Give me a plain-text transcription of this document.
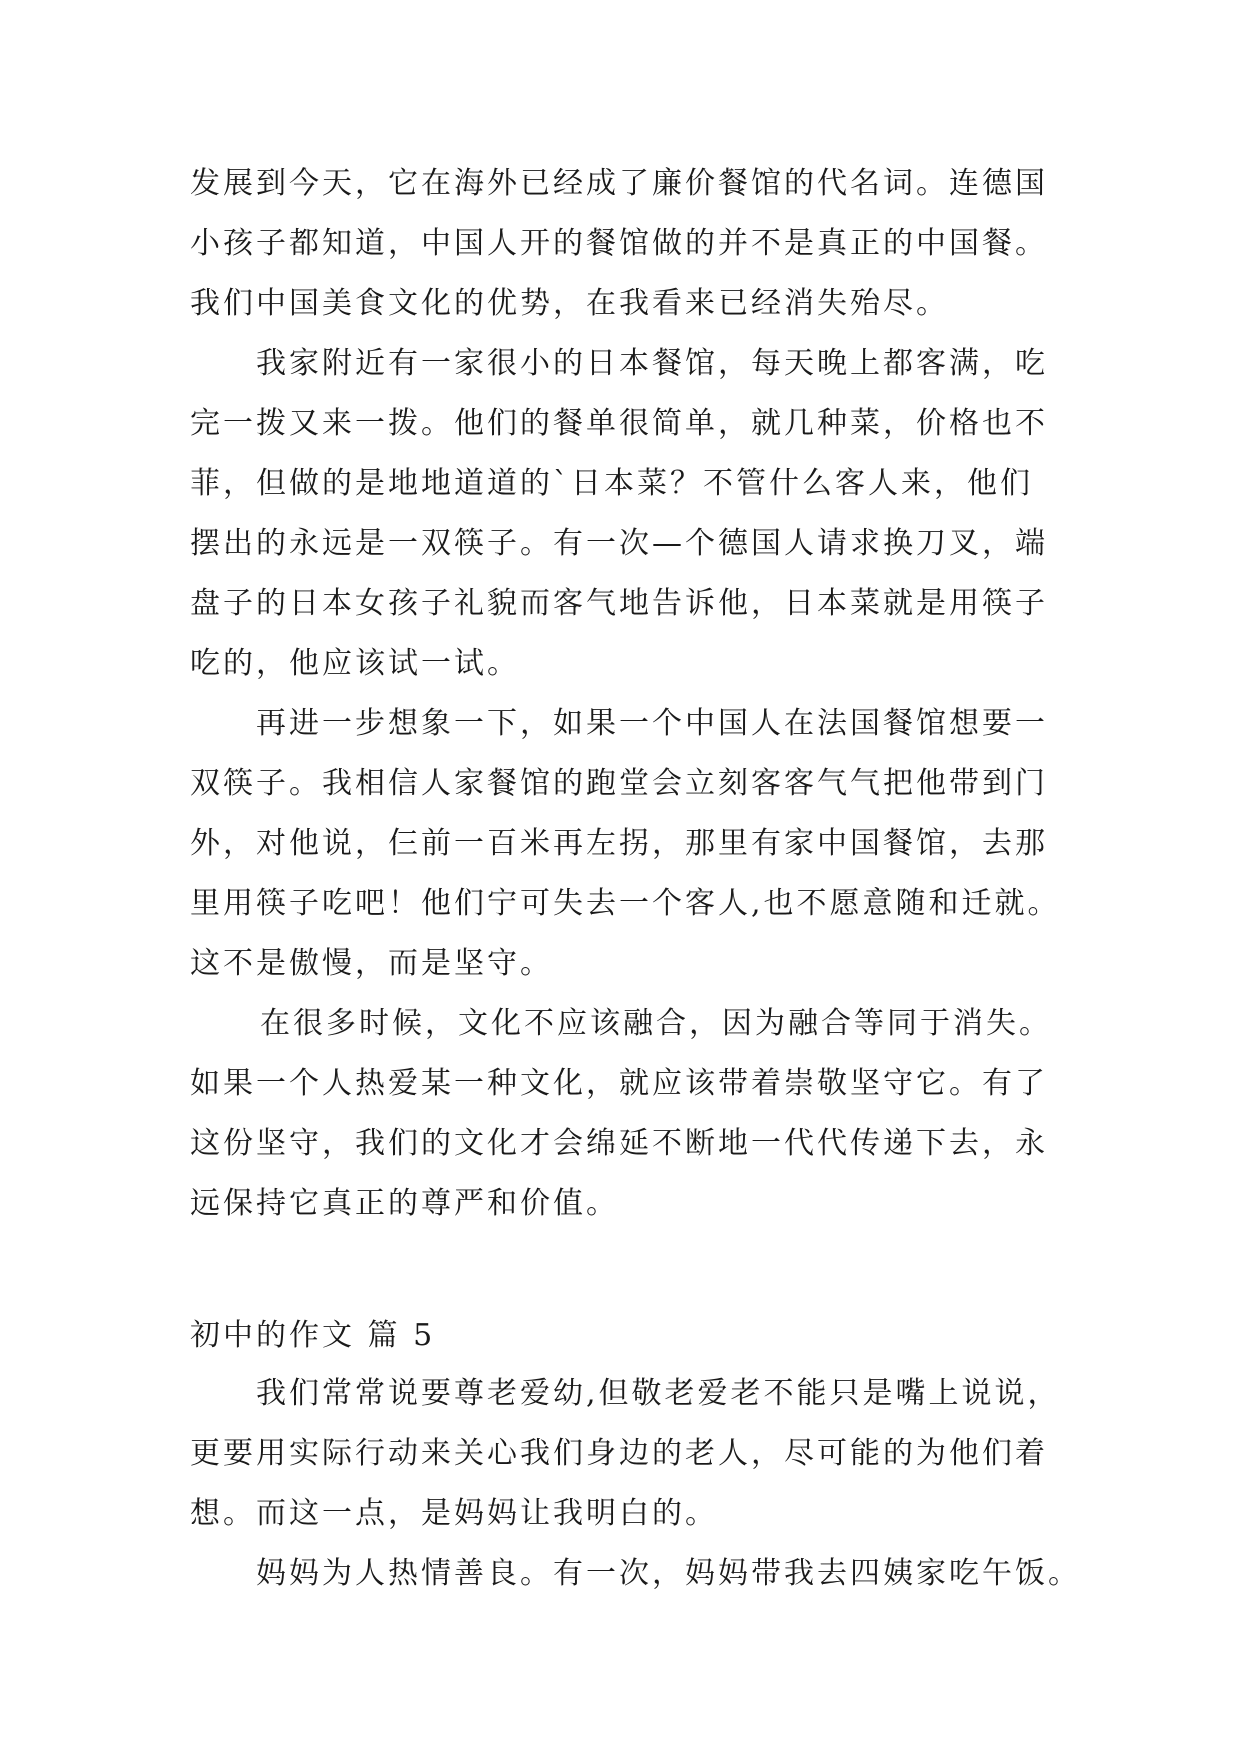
发展到今天，它在海外已经成了廉价餐馆的代名词。连德国
小孩子都知道，中国人开的餐馆做的并不是真正的中国餐。
我们中国美食文化的优势，在我看来已经消失殆尽。
我家附近有一家很小的日本餐馆，每天晚上都客满，吃
完一拨又来一拨。他们的餐单很简单，就几种菜，价格也不
菲，但做的是地地道道的`日本菜？不管什么客人来，他们
摆出的永远是一双筷子。有一次—个德国人请求换刀叉，端
盘子的日本女孩子礼貌而客气地告诉他，日本菜就是用筷子
吃的，他应该试一试。
再进一步想象一下，如果一个中国人在法国餐馆想要一
双筷子。我相信人家餐馆的跑堂会立刻客客气气把他带到门
外，对他说，仨前一百米再左拐，那里有家中国餐馆，去那
里用筷子吃吧！他们宁可失去一个客人,也不愿意随和迁就。
这不是傲慢，而是坚守。
在很多时候，文化不应该融合，因为融合等同于消失。
如果一个人热爱某一种文化，就应该带着崇敬坚守它。有了
这份坚守，我们的文化才会绵延不断地一代代传递下去，永
远保持它真正的尊严和价值。
初中的作文 篇 5
我们常常说要尊老爱幼,但敬老爱老不能只是嘴上说说，
更要用实际行动来关心我们身边的老人，尽可能的为他们着
想。而这一点，是妈妈让我明白的。
妈妈为人热情善良。有一次，妈妈带我去四姨家吃午饭。
